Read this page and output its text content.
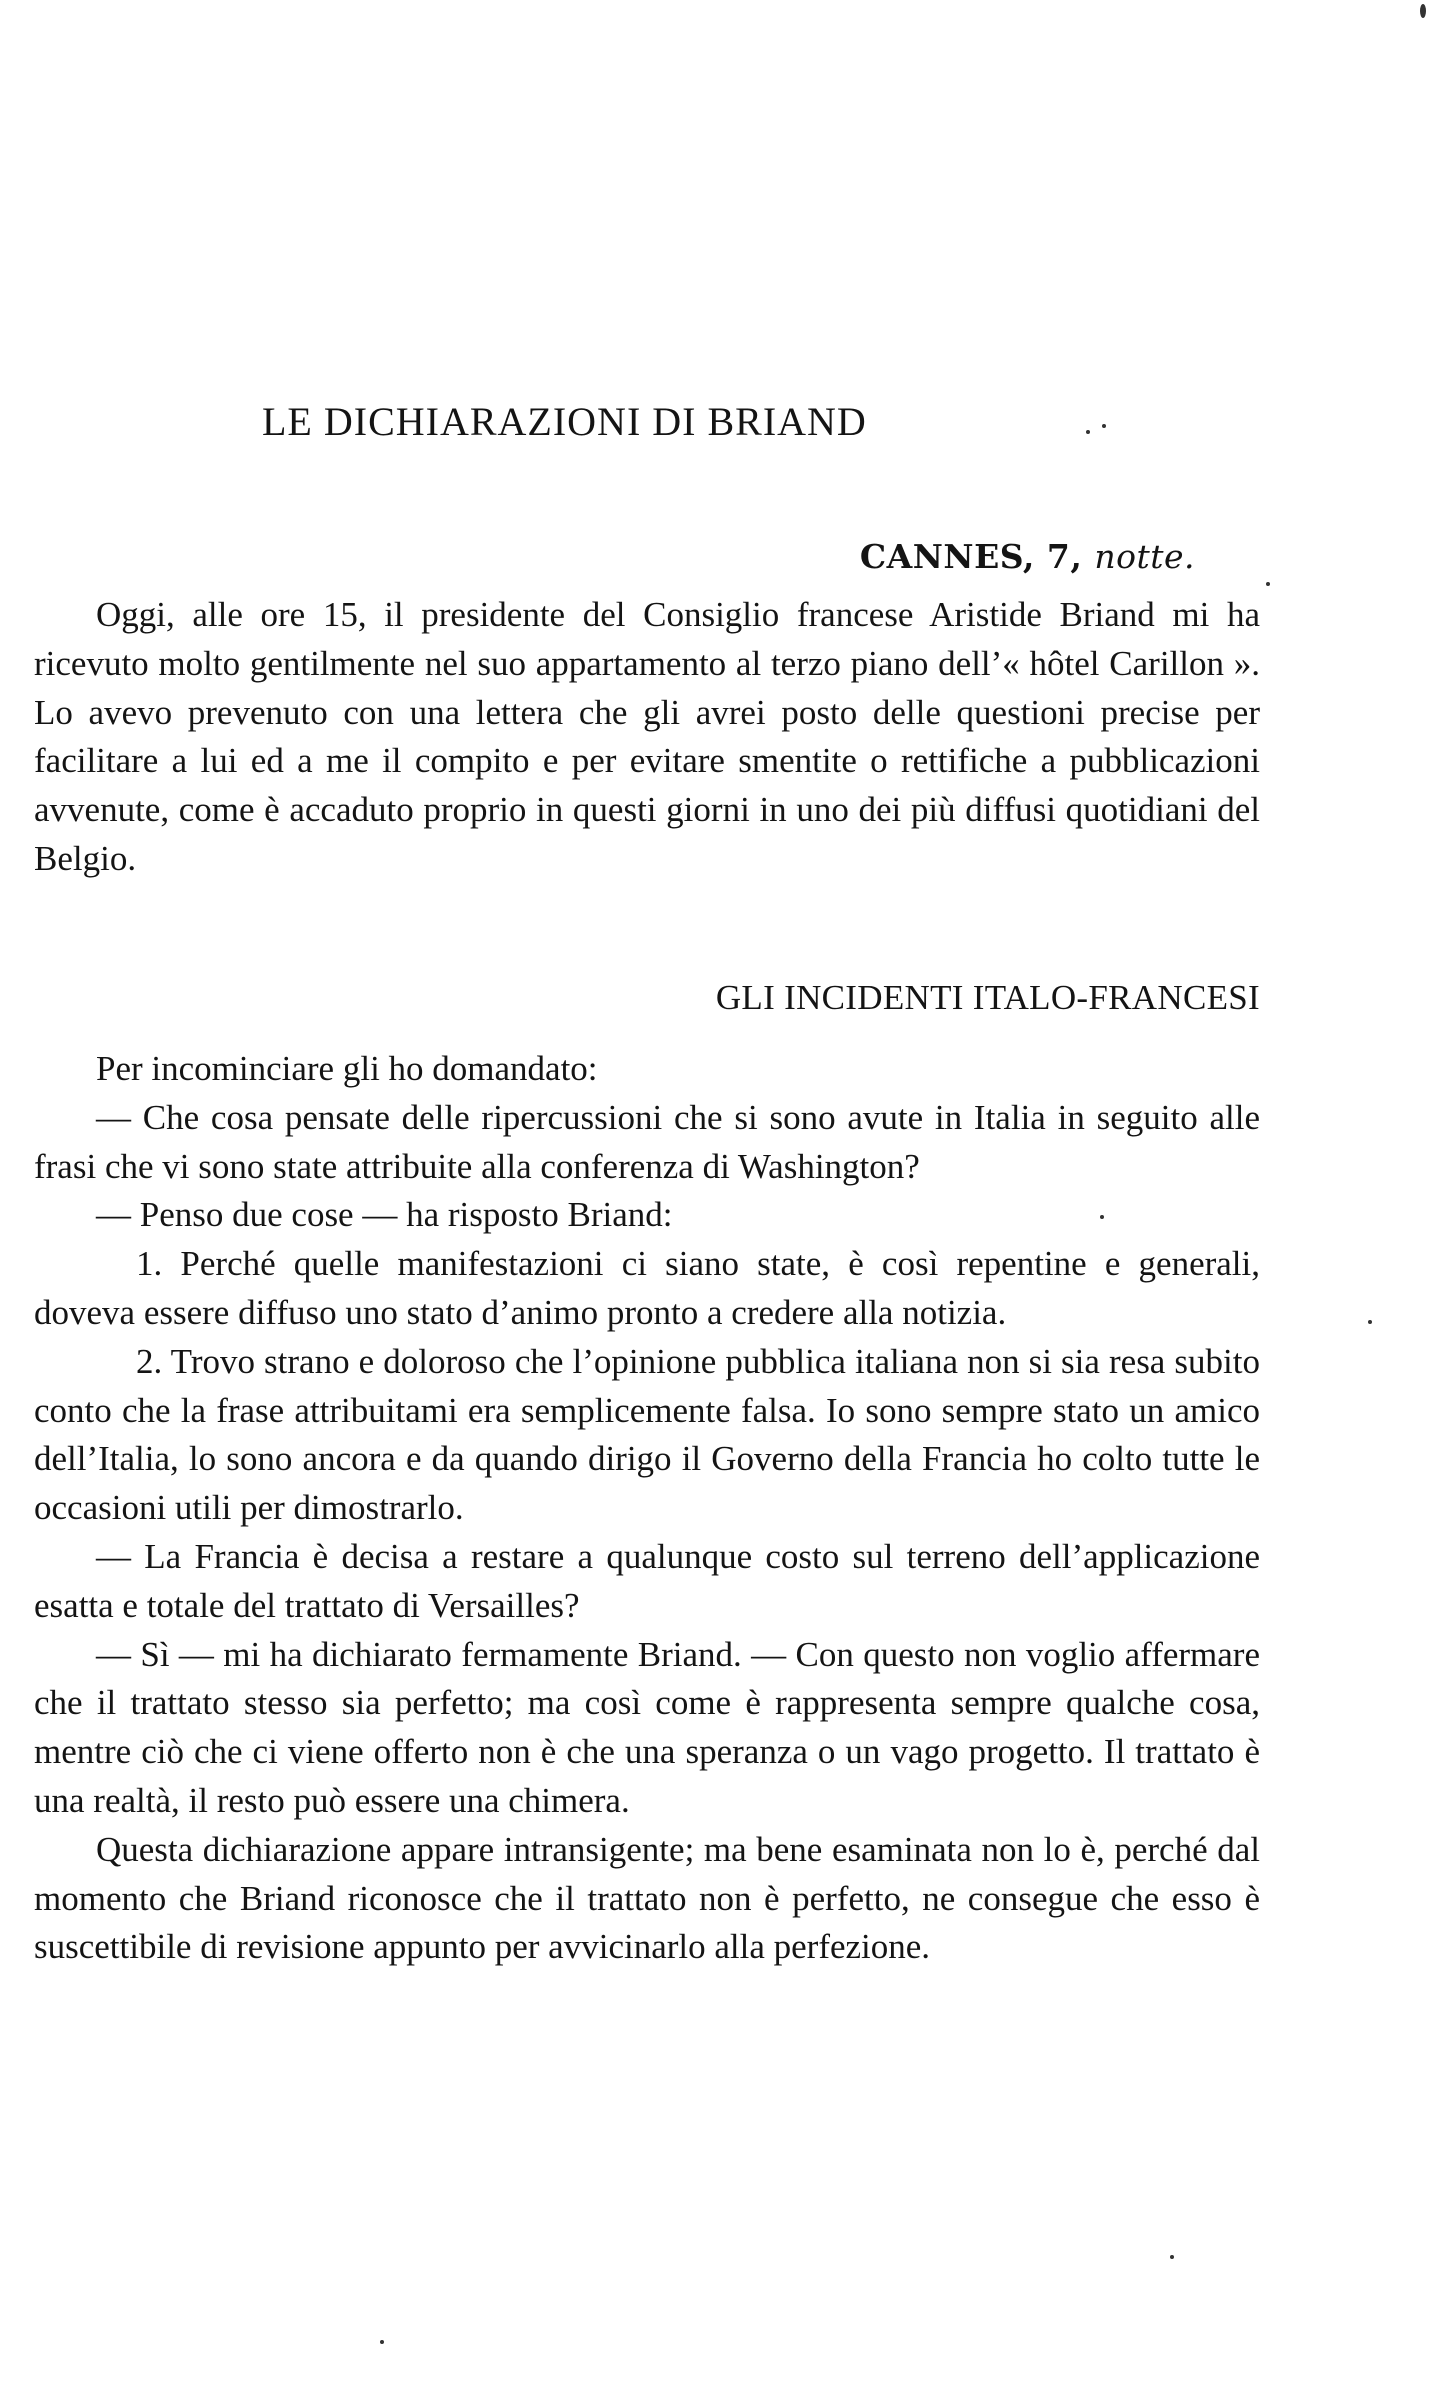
LE DICHIARAZIONI DI BRIAND
CANNES, 7, notte.

Oggi, alle ore 15, il presidente del Consiglio francese Aristide Briand mi ha ricevuto molto gentilmente nel suo appartamento al terzo piano dell’« hôtel Carillon ». Lo avevo prevenuto con una lettera che gli avrei posto delle questioni precise per facilitare a lui ed a me il compito e per evitare smentite o rettifiche a pubblicazioni avvenute, come è accaduto proprio in questi giorni in uno dei più diffusi quotidiani del Belgio.

GLI INCIDENTI ITALO-FRANCESI

Per incominciare gli ho domandato:

— Che cosa pensate delle ripercussioni che si sono avute in Italia in seguito alle frasi che vi sono state attribuite alla conferenza di Washington?

— Penso due cose — ha risposto Briand:

1. Perché quelle manifestazioni ci siano state, è così repentine e generali, doveva essere diffuso uno stato d’animo pronto a credere alla notizia.

2. Trovo strano e doloroso che l’opinione pubblica italiana non si sia resa subito conto che la frase attribuitami era semplicemente falsa. Io sono sempre stato un amico dell’Italia, lo sono ancora e da quando dirigo il Governo della Francia ho colto tutte le occasioni utili per dimostrarlo.

— La Francia è decisa a restare a qualunque costo sul terreno dell’applicazione esatta e totale del trattato di Versailles?

— Sì — mi ha dichiarato fermamente Briand. — Con questo non voglio affermare che il trattato stesso sia perfetto; ma così come è rappresenta sempre qualche cosa, mentre ciò che ci viene offerto non è che una speranza o un vago progetto. Il trattato è una realtà, il resto può essere una chimera.

Questa dichiarazione appare intransigente; ma bene esaminata non lo è, perché dal momento che Briand riconosce che il trattato non è perfetto, ne consegue che esso è suscettibile di revisione appunto per avvicinarlo alla perfezione.
